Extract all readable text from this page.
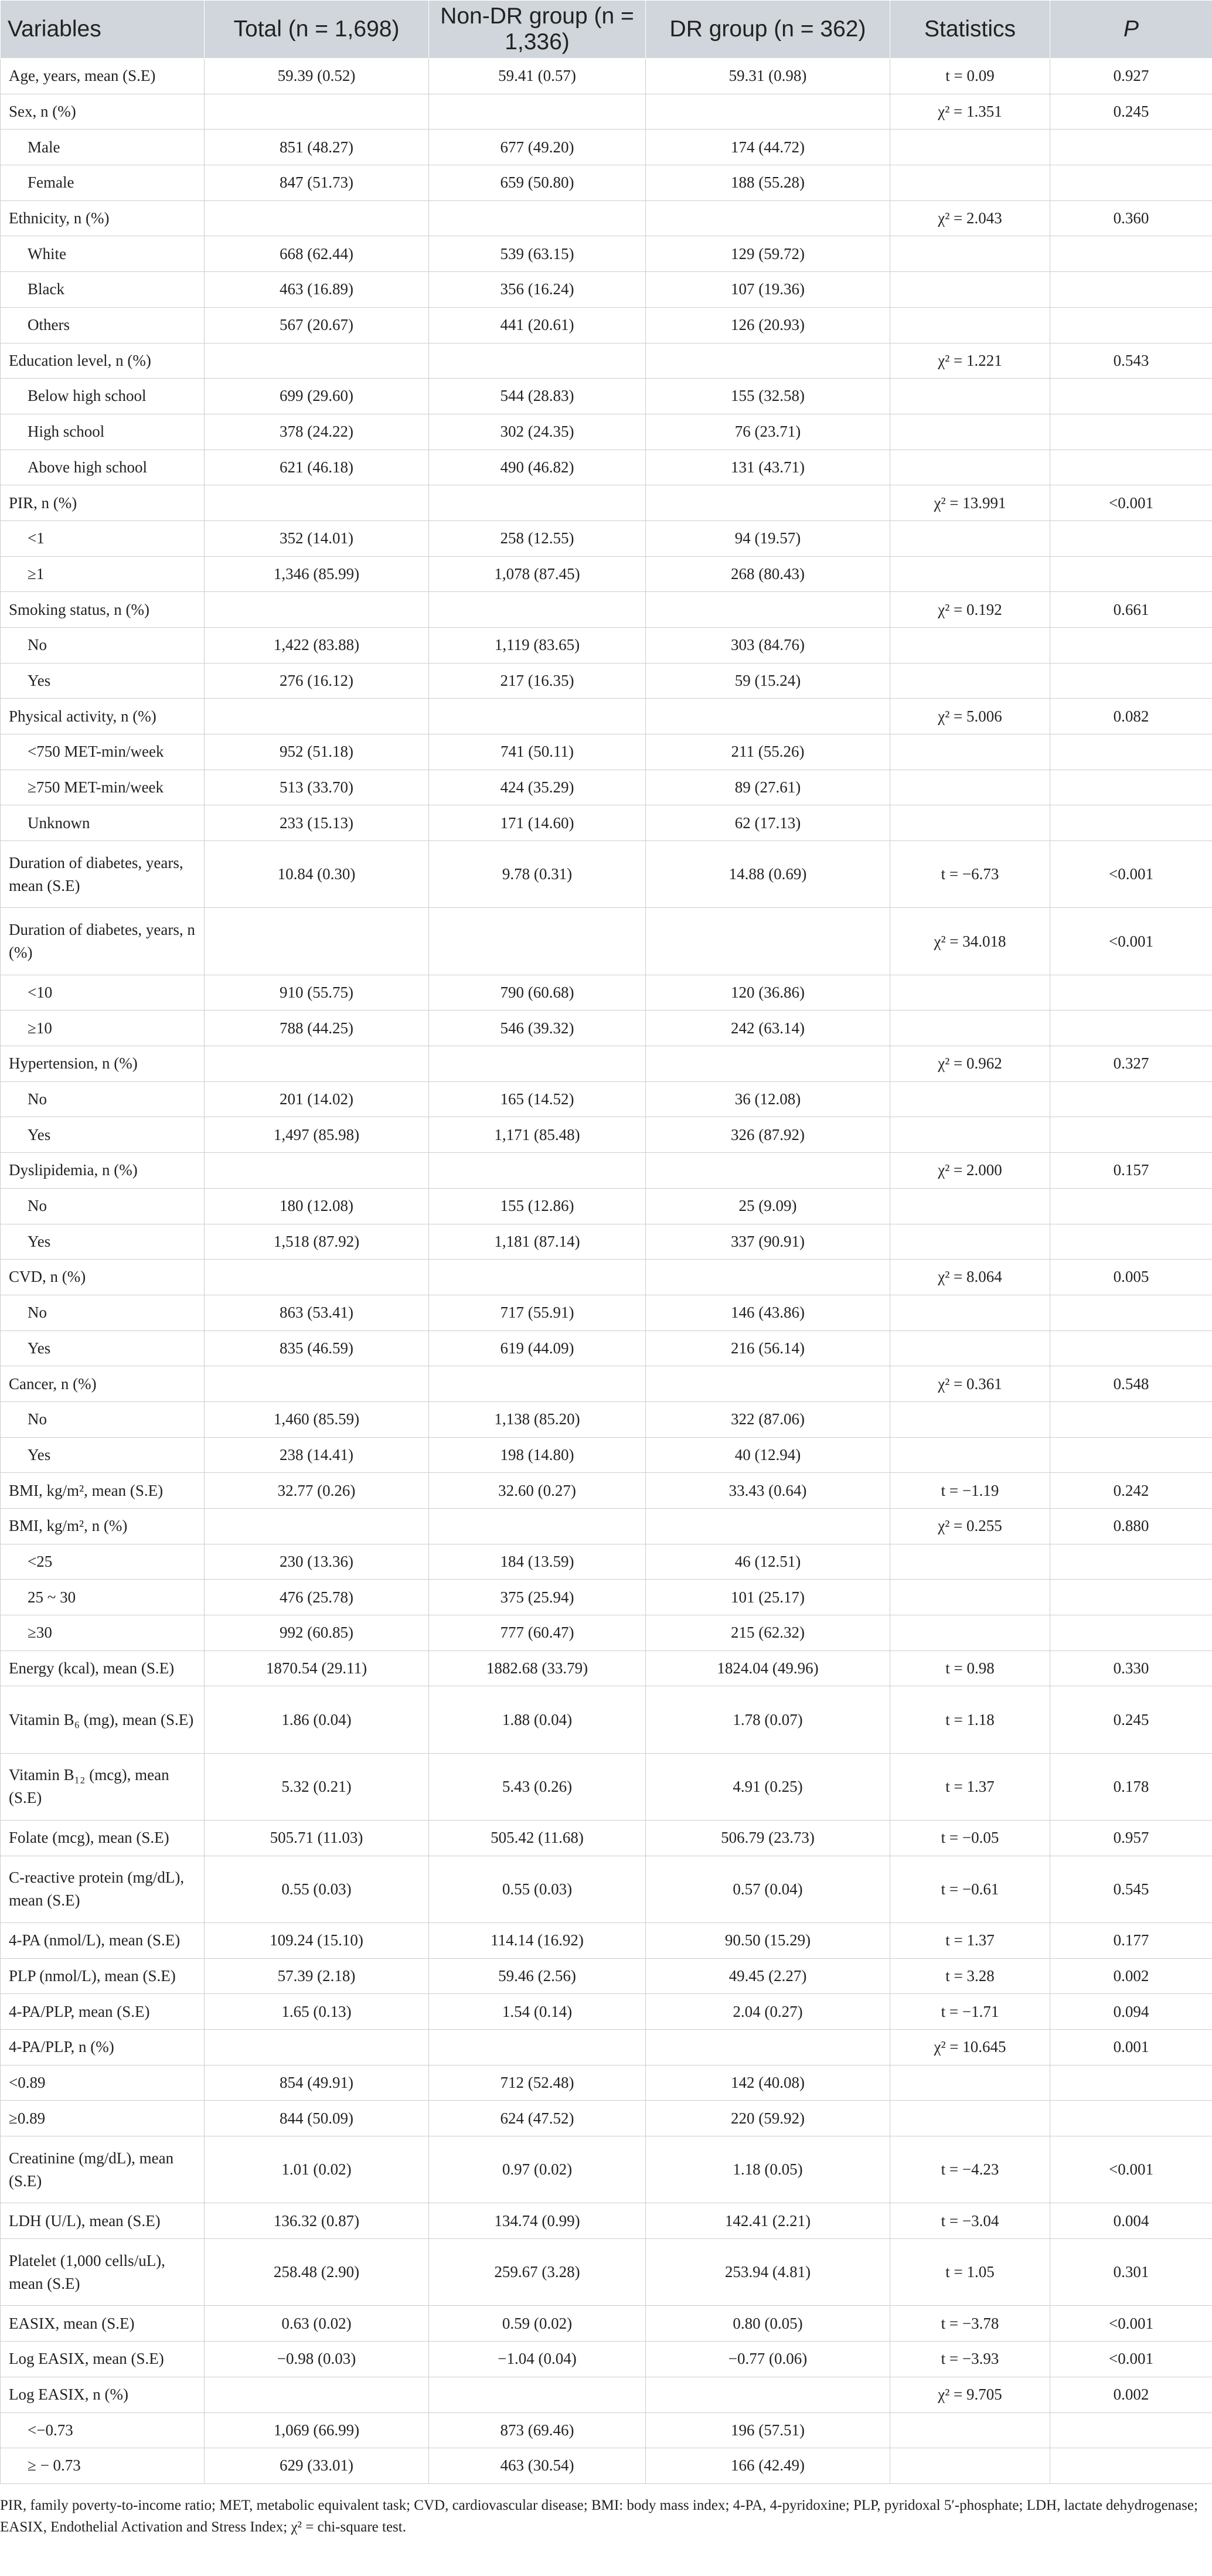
Variables	Total (n = 1,698)	Non-DR group (n = 1,336)	DR group (n = 362)	Statistics	P
Age, years, mean (S.E)	59.39 (0.52)	59.41 (0.57)	59.31 (0.98)	t = 0.09	0.927
Sex, n (%)				χ² = 1.351	0.245
Male	851 (48.27)	677 (49.20)	174 (44.72)		
Female	847 (51.73)	659 (50.80)	188 (55.28)		
Ethnicity, n (%)				χ² = 2.043	0.360
White	668 (62.44)	539 (63.15)	129 (59.72)		
Black	463 (16.89)	356 (16.24)	107 (19.36)		
Others	567 (20.67)	441 (20.61)	126 (20.93)		
Education level, n (%)				χ² = 1.221	0.543
Below high school	699 (29.60)	544 (28.83)	155 (32.58)		
High school	378 (24.22)	302 (24.35)	76 (23.71)		
Above high school	621 (46.18)	490 (46.82)	131 (43.71)		
PIR, n (%)				χ² = 13.991	<0.001
<1	352 (14.01)	258 (12.55)	94 (19.57)		
≥1	1,346 (85.99)	1,078 (87.45)	268 (80.43)		
Smoking status, n (%)				χ² = 0.192	0.661
No	1,422 (83.88)	1,119 (83.65)	303 (84.76)		
Yes	276 (16.12)	217 (16.35)	59 (15.24)		
Physical activity, n (%)				χ² = 5.006	0.082
<750 MET-min/week	952 (51.18)	741 (50.11)	211 (55.26)		
≥750 MET-min/week	513 (33.70)	424 (35.29)	89 (27.61)		
Unknown	233 (15.13)	171 (14.60)	62 (17.13)		
Duration of diabetes, years, mean (S.E)	10.84 (0.30)	9.78 (0.31)	14.88 (0.69)	t = −6.73	<0.001
Duration of diabetes, years, n (%)				χ² = 34.018	<0.001
<10	910 (55.75)	790 (60.68)	120 (36.86)		
≥10	788 (44.25)	546 (39.32)	242 (63.14)		
Hypertension, n (%)				χ² = 0.962	0.327
No	201 (14.02)	165 (14.52)	36 (12.08)		
Yes	1,497 (85.98)	1,171 (85.48)	326 (87.92)		
Dyslipidemia, n (%)				χ² = 2.000	0.157
No	180 (12.08)	155 (12.86)	25 (9.09)		
Yes	1,518 (87.92)	1,181 (87.14)	337 (90.91)		
CVD, n (%)				χ² = 8.064	0.005
No	863 (53.41)	717 (55.91)	146 (43.86)		
Yes	835 (46.59)	619 (44.09)	216 (56.14)		
Cancer, n (%)				χ² = 0.361	0.548
No	1,460 (85.59)	1,138 (85.20)	322 (87.06)		
Yes	238 (14.41)	198 (14.80)	40 (12.94)		
BMI, kg/m², mean (S.E)	32.77 (0.26)	32.60 (0.27)	33.43 (0.64)	t = −1.19	0.242
BMI, kg/m², n (%)				χ² = 0.255	0.880
<25	230 (13.36)	184 (13.59)	46 (12.51)		
25 ~ 30	476 (25.78)	375 (25.94)	101 (25.17)		
≥30	992 (60.85)	777 (60.47)	215 (62.32)		
Energy (kcal), mean (S.E)	1870.54 (29.11)	1882.68 (33.79)	1824.04 (49.96)	t = 0.98	0.330
Vitamin B₆ (mg), mean (S.E)	1.86 (0.04)	1.88 (0.04)	1.78 (0.07)	t = 1.18	0.245
Vitamin B₁₂ (mcg), mean (S.E)	5.32 (0.21)	5.43 (0.26)	4.91 (0.25)	t = 1.37	0.178
Folate (mcg), mean (S.E)	505.71 (11.03)	505.42 (11.68)	506.79 (23.73)	t = −0.05	0.957
C-reactive protein (mg/dL), mean (S.E)	0.55 (0.03)	0.55 (0.03)	0.57 (0.04)	t = −0.61	0.545
4-PA (nmol/L), mean (S.E)	109.24 (15.10)	114.14 (16.92)	90.50 (15.29)	t = 1.37	0.177
PLP (nmol/L), mean (S.E)	57.39 (2.18)	59.46 (2.56)	49.45 (2.27)	t = 3.28	0.002
4-PA/PLP, mean (S.E)	1.65 (0.13)	1.54 (0.14)	2.04 (0.27)	t = −1.71	0.094
4-PA/PLP, n (%)				χ² = 10.645	0.001
<0.89	854 (49.91)	712 (52.48)	142 (40.08)		
≥0.89	844 (50.09)	624 (47.52)	220 (59.92)		
Creatinine (mg/dL), mean (S.E)	1.01 (0.02)	0.97 (0.02)	1.18 (0.05)	t = −4.23	<0.001
LDH (U/L), mean (S.E)	136.32 (0.87)	134.74 (0.99)	142.41 (2.21)	t = −3.04	0.004
Platelet (1,000 cells/uL), mean (S.E)	258.48 (2.90)	259.67 (3.28)	253.94 (4.81)	t = 1.05	0.301
EASIX, mean (S.E)	0.63 (0.02)	0.59 (0.02)	0.80 (0.05)	t = −3.78	<0.001
Log EASIX, mean (S.E)	−0.98 (0.03)	−1.04 (0.04)	−0.77 (0.06)	t = −3.93	<0.001
Log EASIX, n (%)				χ² = 9.705	0.002
<−0.73	1,069 (66.99)	873 (69.46)	196 (57.51)		
≥ − 0.73	629 (33.01)	463 (30.54)	166 (42.49)		
PIR, family poverty-to-income ratio; MET, metabolic equivalent task; CVD, cardiovascular disease; BMI: body mass index; 4-PA, 4-pyridoxine; PLP, pyridoxal 5′-phosphate; LDH, lactate dehydrogenase; EASIX, Endothelial Activation and Stress Index; χ² = chi-square test.
